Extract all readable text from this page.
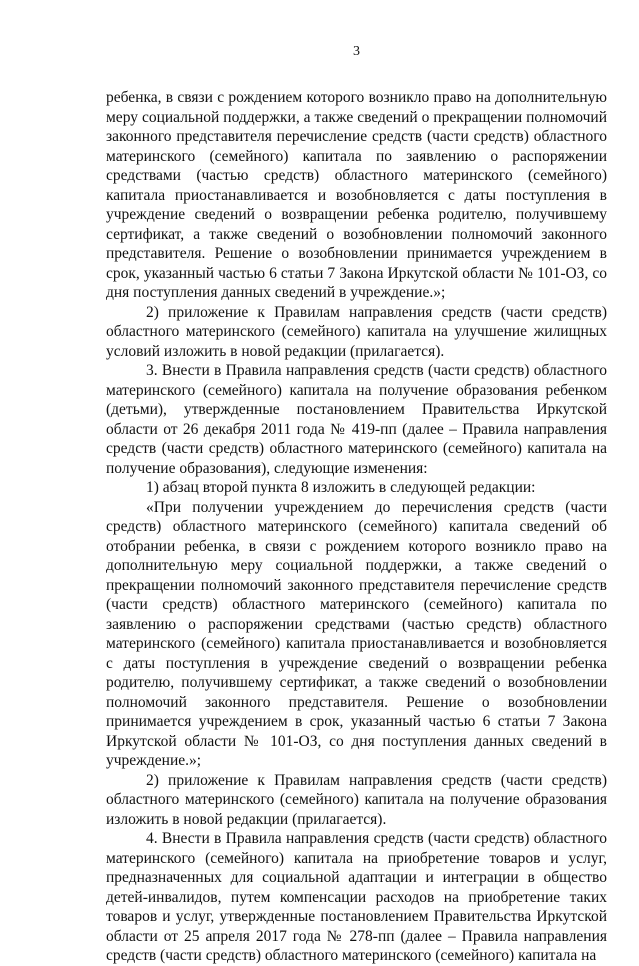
3

ребенка, в связи с рождением которого возникло право на дополнительную меру социальной поддержки, а также сведений о прекращении полномочий законного представителя перечисление средств (части средств) областного материнского (семейного) капитала по заявлению о распоряжении средствами (частью средств) областного материнского (семейного) капитала приостанавливается и возобновляется с даты поступления в учреждение сведений о возвращении ребенка родителю, получившему сертификат, а также сведений о возобновлении полномочий законного представителя. Решение о возобновлении принимается учреждением в срок, указанный частью 6 статьи 7 Закона Иркутской области № 101-ОЗ, со дня поступления данных сведений в учреждение.»;

2) приложение к Правилам направления средств (части средств) областного материнского (семейного) капитала на улучшение жилищных условий изложить в новой редакции (прилагается).

3. Внести в Правила направления средств (части средств) областного материнского (семейного) капитала на получение образования ребенком (детьми), утвержденные постановлением Правительства Иркутской области от 26 декабря 2011 года № 419-пп (далее – Правила направления средств (части средств) областного материнского (семейного) капитала на получение образования), следующие изменения:

1) абзац второй пункта 8 изложить в следующей редакции:

«При получении учреждением до перечисления средств (части средств) областного материнского (семейного) капитала сведений об отобрании ребенка, в связи с рождением которого возникло право на дополнительную меру социальной поддержки, а также сведений о прекращении полномочий законного представителя перечисление средств (части средств) областного материнского (семейного) капитала по заявлению о распоряжении средствами (частью средств) областного материнского (семейного) капитала приостанавливается и возобновляется с даты поступления в учреждение сведений о возвращении ребенка родителю, получившему сертификат, а также сведений о возобновлении полномочий законного представителя. Решение о возобновлении принимается учреждением в срок, указанный частью 6 статьи 7 Закона Иркутской области № 101-ОЗ, со дня поступления данных сведений в учреждение.»;

2) приложение к Правилам направления средств (части средств) областного материнского (семейного) капитала на получение образования изложить в новой редакции (прилагается).

4. Внести в Правила направления средств (части средств) областного материнского (семейного) капитала на приобретение товаров и услуг, предназначенных для социальной адаптации и интеграции в общество детей-инвалидов, путем компенсации расходов на приобретение таких товаров и услуг, утвержденные постановлением Правительства Иркутской области от 25 апреля 2017 года № 278-пп (далее – Правила направления средств (части средств) областного материнского (семейного) капитала на
